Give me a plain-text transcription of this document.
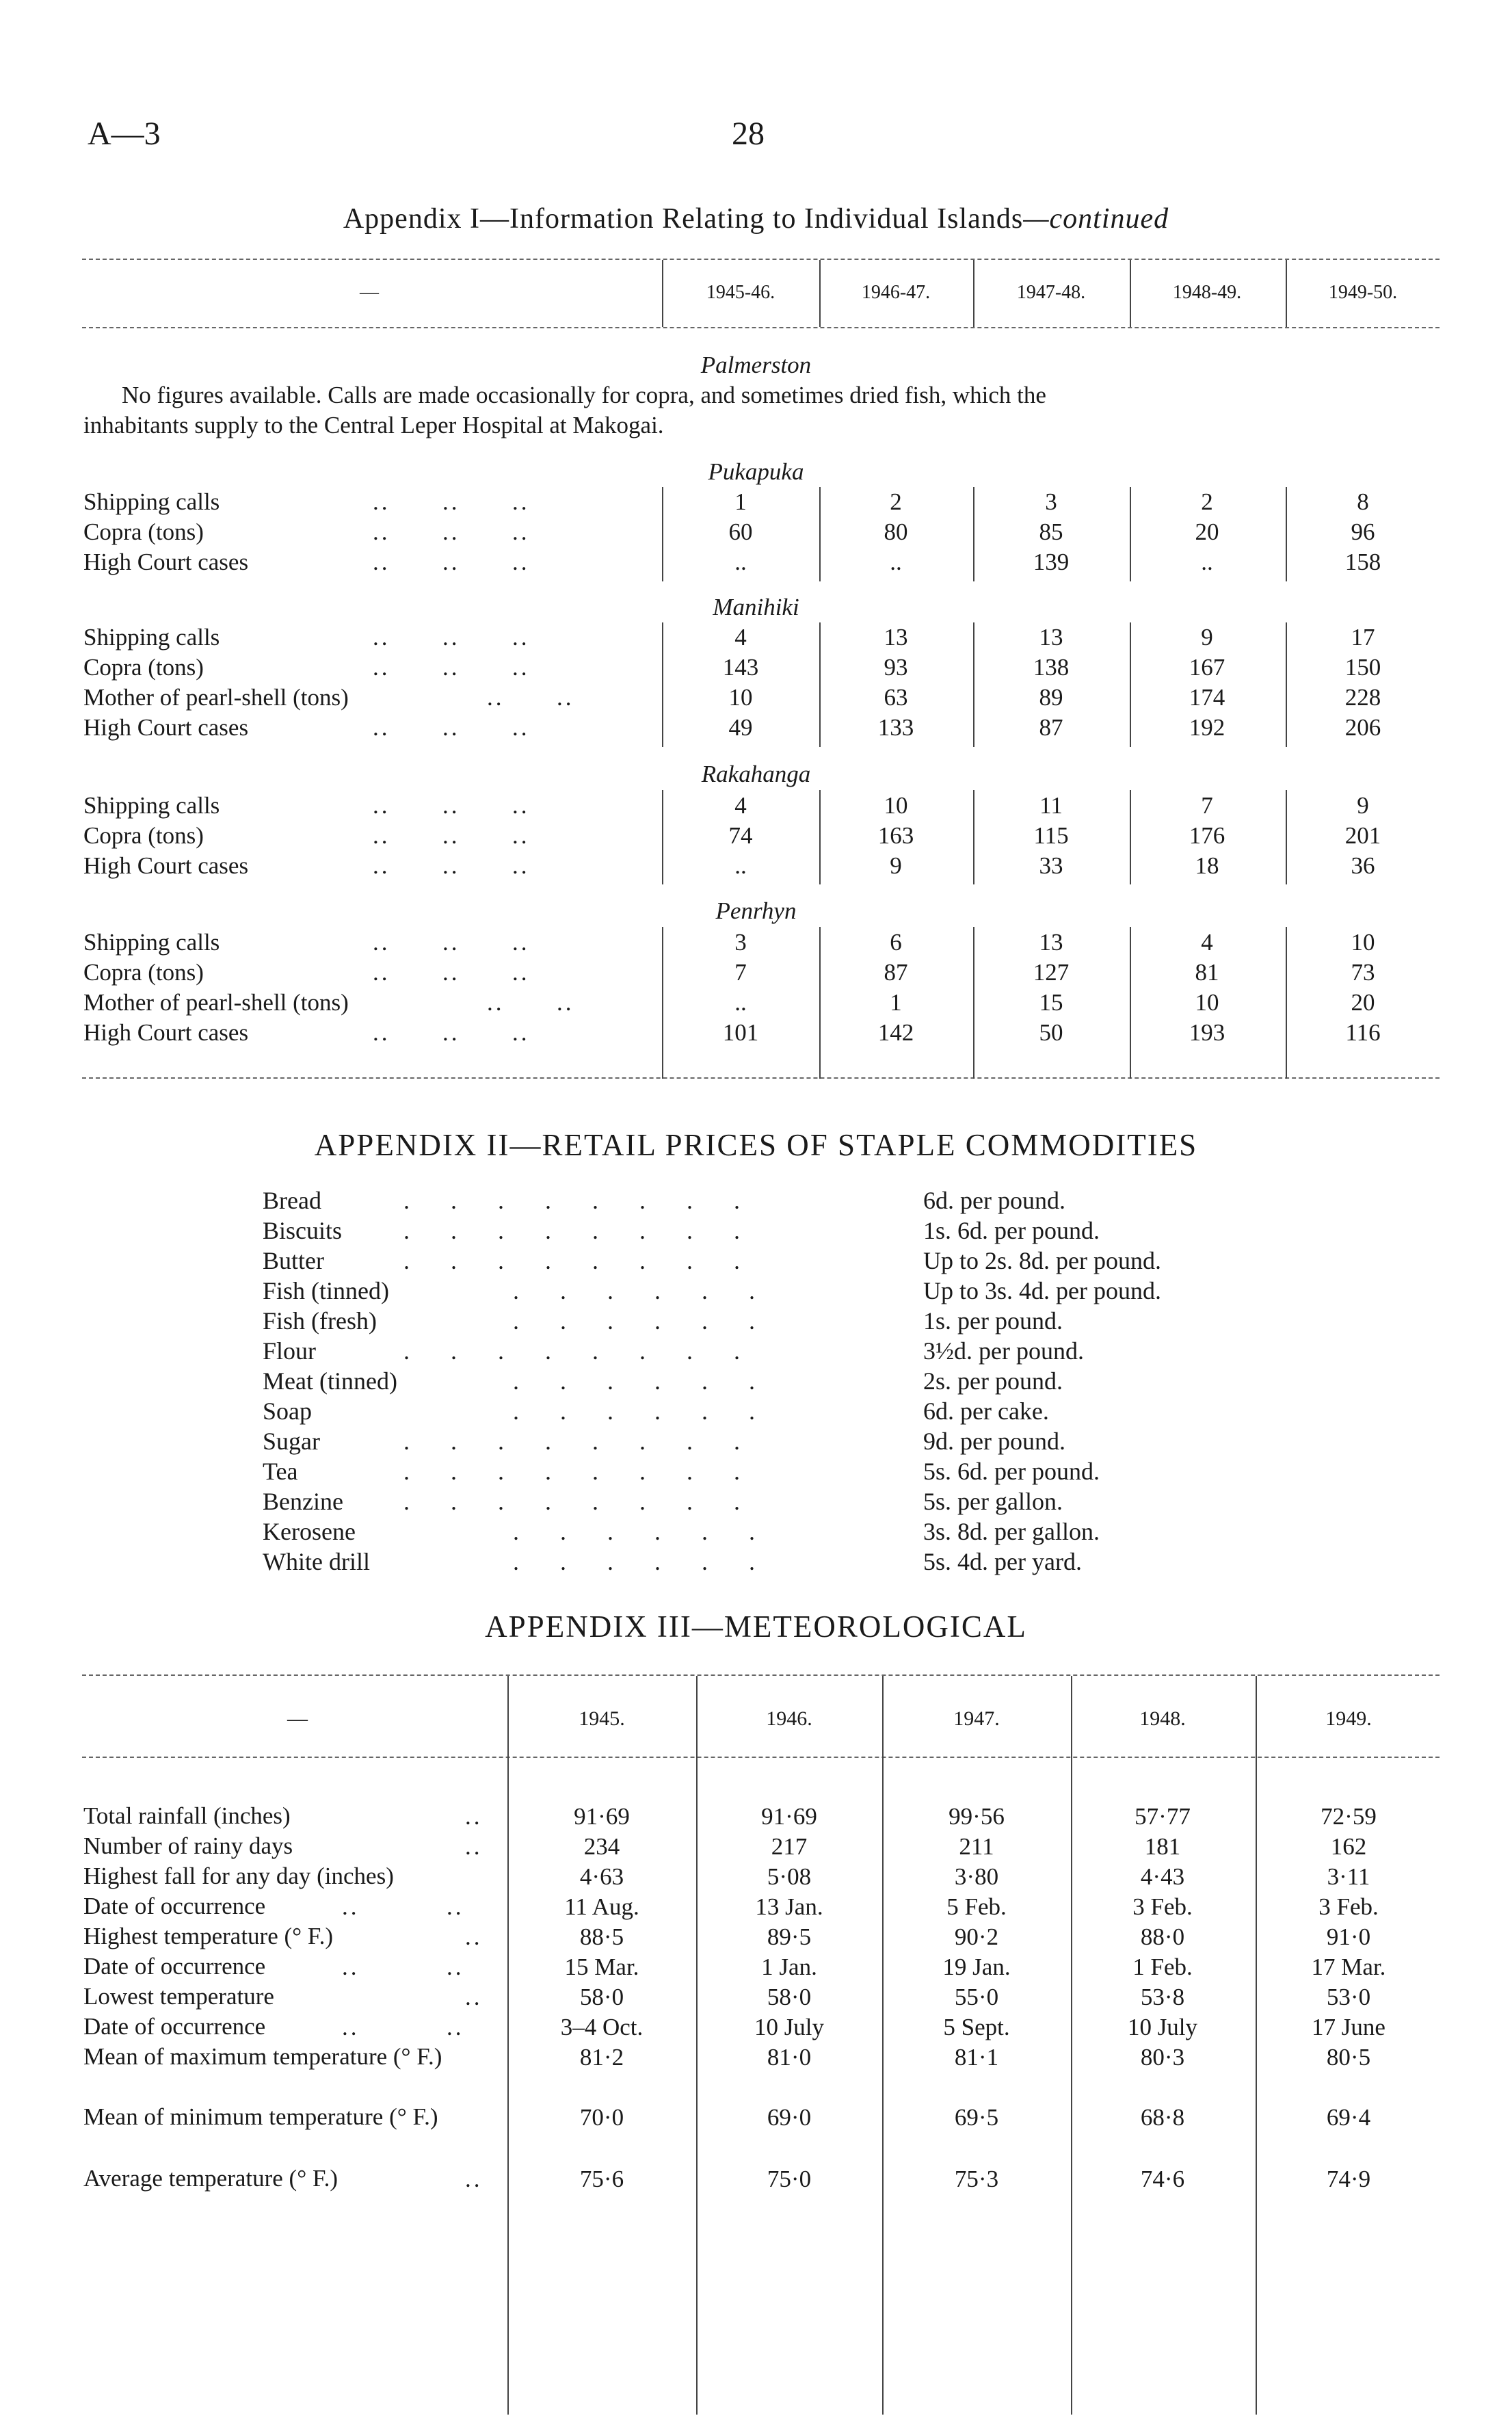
A—3	28
Appendix I—Information Relating to Individual Islands—continued
—	1945-46.	1946-47.	1947-48.	1948-49.	1949-50.
Palmerston
No figures available. Calls are made occasionally for copra, and sometimes dried fish, which the
inhabitants supply to the Central Leper Hospital at Makogai.
Pukapuka
Shipping calls	..      ..      ..	1	2	3	2	8
Copra (tons)	..      ..      ..	60	80	85	20	96
High Court cases	..      ..      ..	..	..	139	..	158
Manihiki
Shipping calls	..      ..      ..	4	13	13	9	17
Copra (tons)	..      ..      ..	143	93	138	167	150
Mother of pearl-shell (tons)	..      ..	10	63	89	174	228
High Court cases	..      ..      ..	49	133	87	192	206
Rakahanga
Shipping calls	..      ..      ..	4	10	11	7	9
Copra (tons)	..      ..      ..	74	163	115	176	201
High Court cases	..      ..      ..	..	9	33	18	36
Penrhyn
Shipping calls	..      ..      ..	3	6	13	4	10
Copra (tons)	..      ..      ..	7	87	127	81	73
Mother of pearl-shell (tons)	..      ..	..	1	15	10	20
High Court cases	..      ..      ..	101	142	50	193	116
APPENDIX II—RETAIL PRICES OF STAPLE COMMODITIES
Bread	........	6d. per pound.
Biscuits ........	1s. 6d. per pound.
Butter	........	Up to 2s. 8d. per pound.
Fish (tinned)	......	Up to 3s. 4d. per pound.
Fish (fresh)	......	1s. per pound.
Flour	........	3½d. per pound.
Meat (tinned)	......	2s. per pound.
Soap	......	6d. per cake.
Sugar	........	9d. per pound.
Tea	........	5s. 6d. per pound.
Benzine ........	5s. per gallon.
Kerosene	......	3s. 8d. per gallon.
White drill	......	5s. 4d. per yard.
APPENDIX III—METEOROLOGICAL
—	1945.	1946.	1947.	1948.	1949.
Total rainfall (inches)	..	91·69	91·69	99·56	57·77	72·59
Number of rainy days	..	234	217	211	181	162
Highest fall for any day (inches)	4·63	5·08	3·80	4·43	3·11
Date of occurrence	..          ..	11 Aug.	13 Jan.	5 Feb.	3 Feb.	3 Feb.
Highest temperature (° F.)	..	88·5	89·5	90·2	88·0	91·0
Date of occurrence	..          ..	15 Mar.	1 Jan.	19 Jan.	1 Feb.	17 Mar.
Lowest temperature	..	58·0	58·0	55·0	53·8	53·0
Date of occurrence	..          ..	3–4 Oct.	10 July	5 Sept.	10 July	17 June
Mean of maximum temperature (° F.)	81·2	81·0	81·1	80·3	80·5
Mean of minimum temperature (° F.)	70·0	69·0	69·5	68·8	69·4
Average temperature (° F.)	..	75·6	75·0	75·3	74·6	74·9
